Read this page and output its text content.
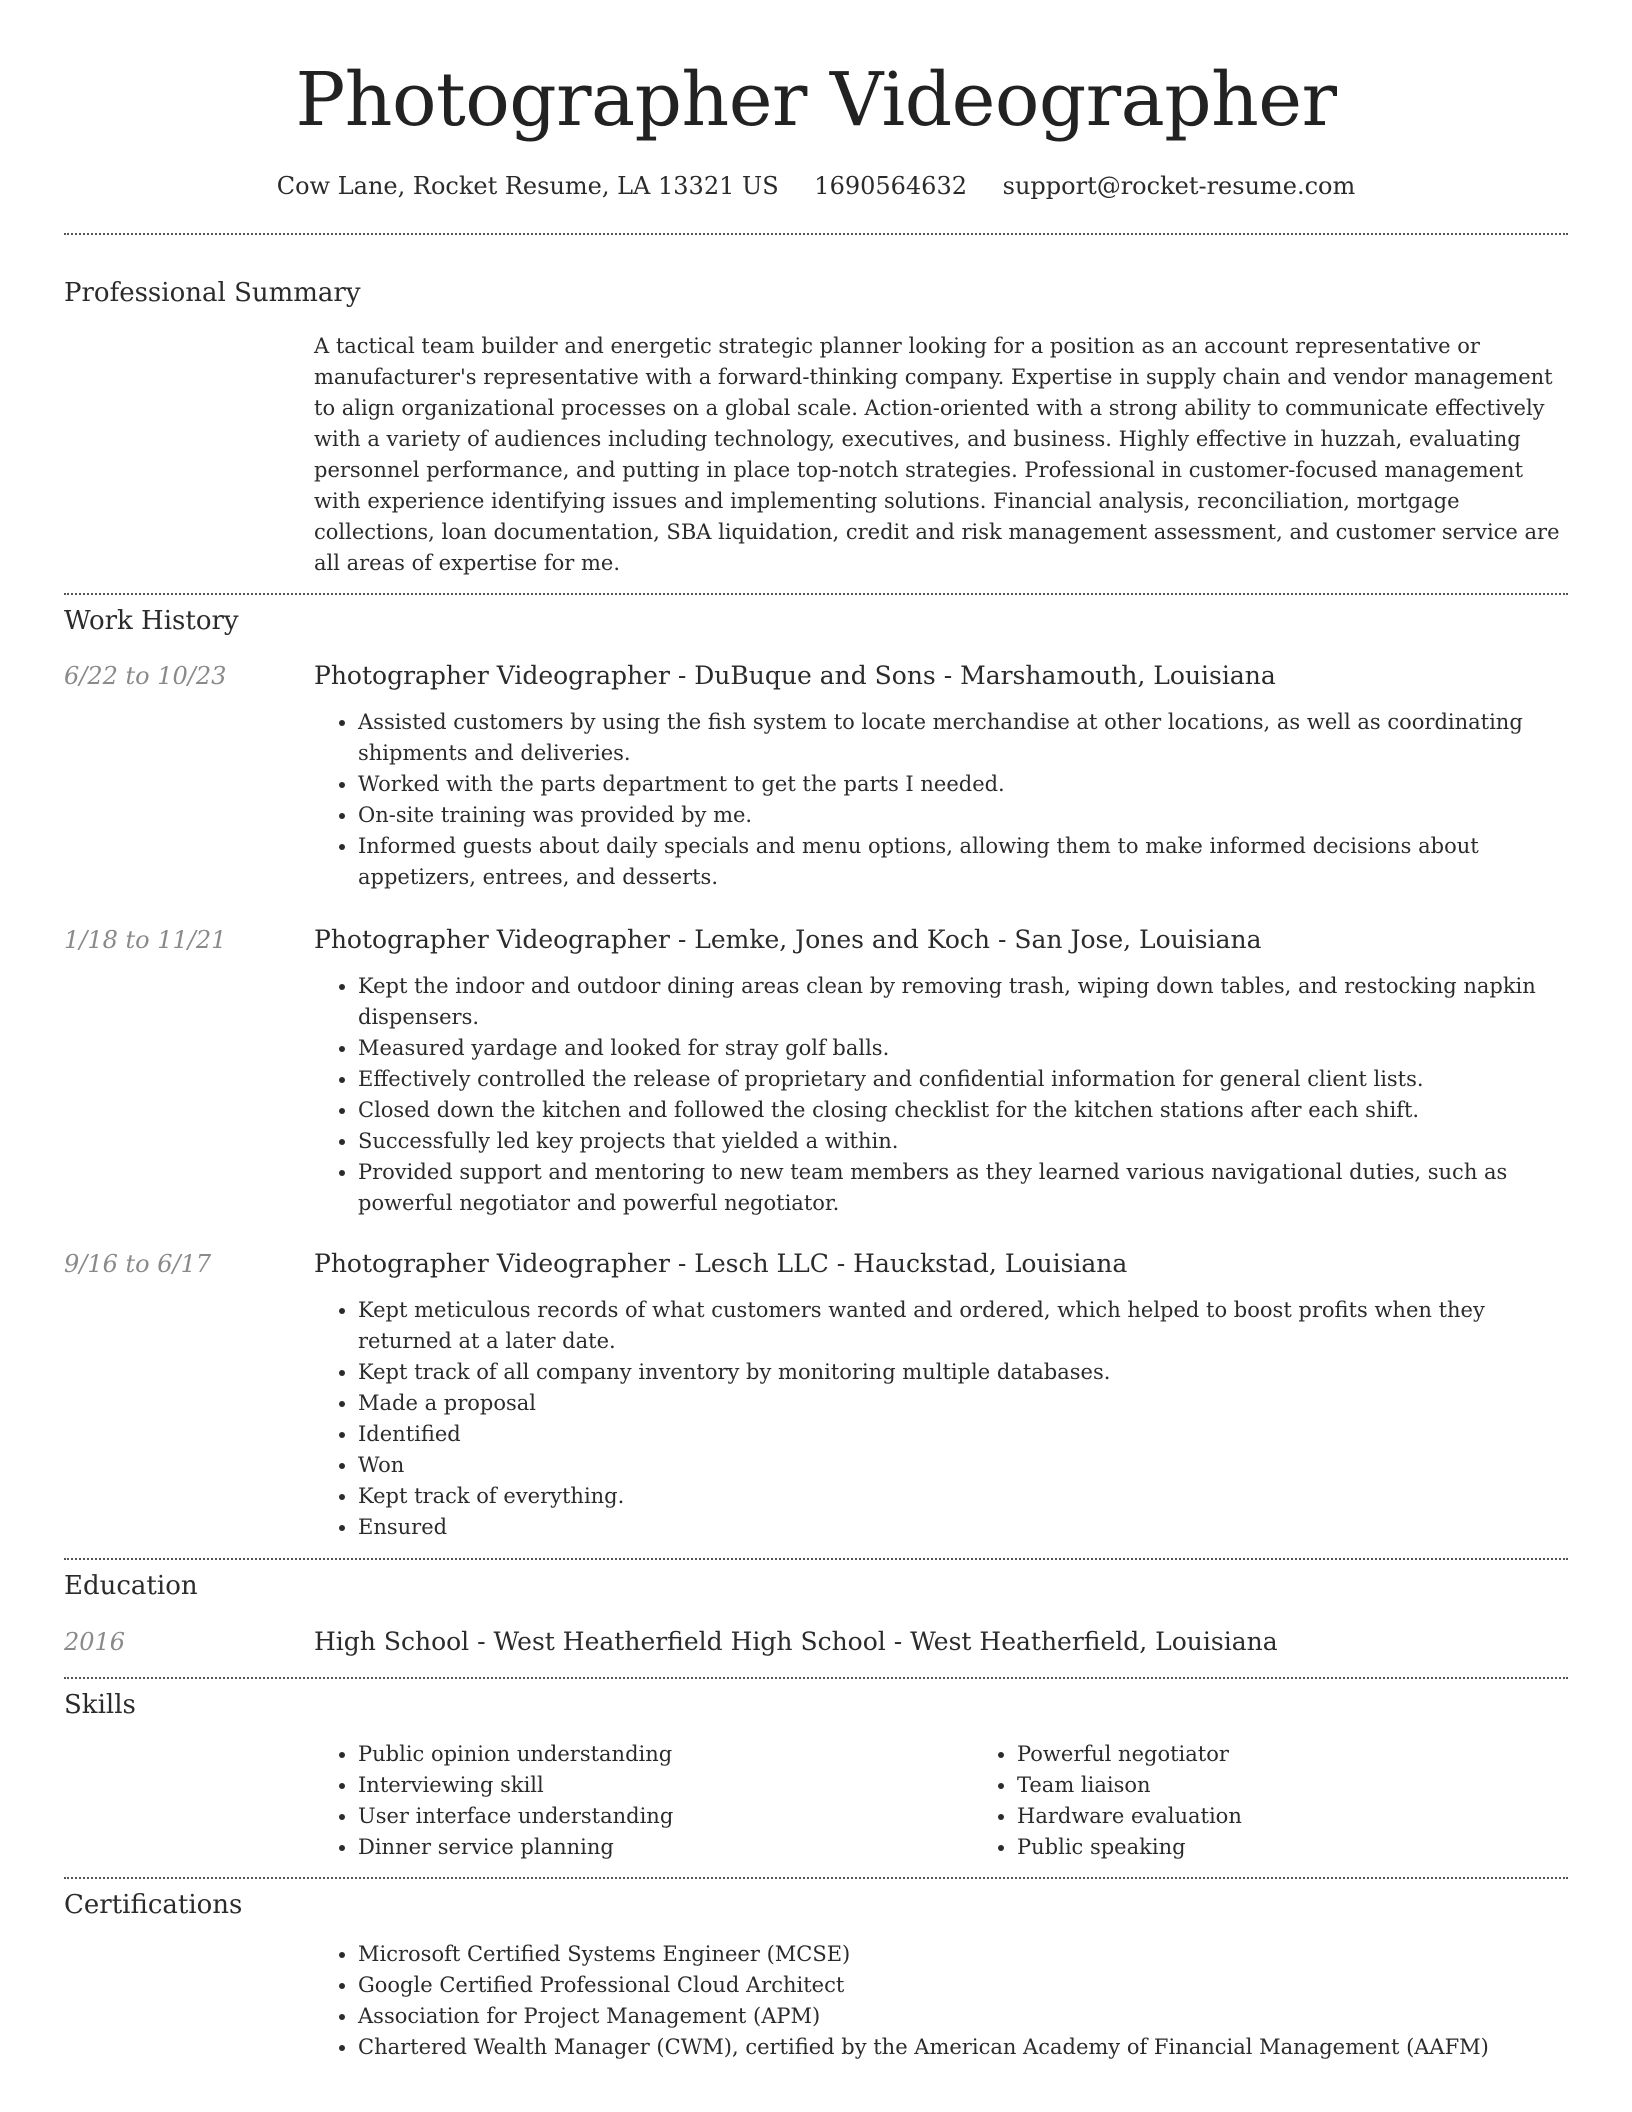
Photographer Videographer
Cow Lane, Rocket Resume, LA 13321 US 1690564632 support@rocket-resume.com
Professional Summary

A tactical team builder and energetic strategic planner looking for a position as an account representative or manufacturer's representative with a forward-thinking company. Expertise in supply chain and vendor management to align organizational processes on a global scale. Action-oriented with a strong ability to communicate effectively with a variety of audiences including technology, executives, and business. Highly effective in huzzah, evaluating personnel performance, and putting in place top-notch strategies. Professional in customer-focused management with experience identifying issues and implementing solutions. Financial analysis, reconciliation, mortgage collections, loan documentation, SBA liquidation, credit and risk management assessment, and customer service are all areas of expertise for me.

Work History
6/22 to 10/23	Photographer Videographer - DuBuque and Sons - Marshamouth, Louisiana

• Assisted customers by using the fish system to locate merchandise at other locations, as well as coordinating shipments and deliveries.
• Worked with the parts department to get the parts I needed.
• On-site training was provided by me.
• Informed guests about daily specials and menu options, allowing them to make informed decisions about appetizers, entrees, and desserts.
1/18 to 11/21	Photographer Videographer - Lemke, Jones and Koch - San Jose, Louisiana

• Kept the indoor and outdoor dining areas clean by removing trash, wiping down tables, and restocking napkin dispensers.
• Measured yardage and looked for stray golf balls.
• Effectively controlled the release of proprietary and confidential information for general client lists.
• Closed down the kitchen and followed the closing checklist for the kitchen stations after each shift.
• Successfully led key projects that yielded a within.
• Provided support and mentoring to new team members as they learned various navigational duties, such as powerful negotiator and powerful negotiator.
9/16 to 6/17	Photographer Videographer - Lesch LLC - Hauckstad, Louisiana

• Kept meticulous records of what customers wanted and ordered, which helped to boost profits when they returned at a later date.
• Kept track of all company inventory by monitoring multiple databases.
• Made a proposal
• Identified
• Won
• Kept track of everything.
• Ensured
Education
2016	High School - West Heatherfield High School - West Heatherfield, Louisiana

Skills
• Public opinion understanding
• Interviewing skill
• User interface understanding
• Dinner service planning
• Powerful negotiator
• Team liaison
• Hardware evaluation
• Public speaking
Certifications
• Microsoft Certified Systems Engineer (MCSE)
• Google Certified Professional Cloud Architect
• Association for Project Management (APM)
• Chartered Wealth Manager (CWM), certified by the American Academy of Financial Management (AAFM)
